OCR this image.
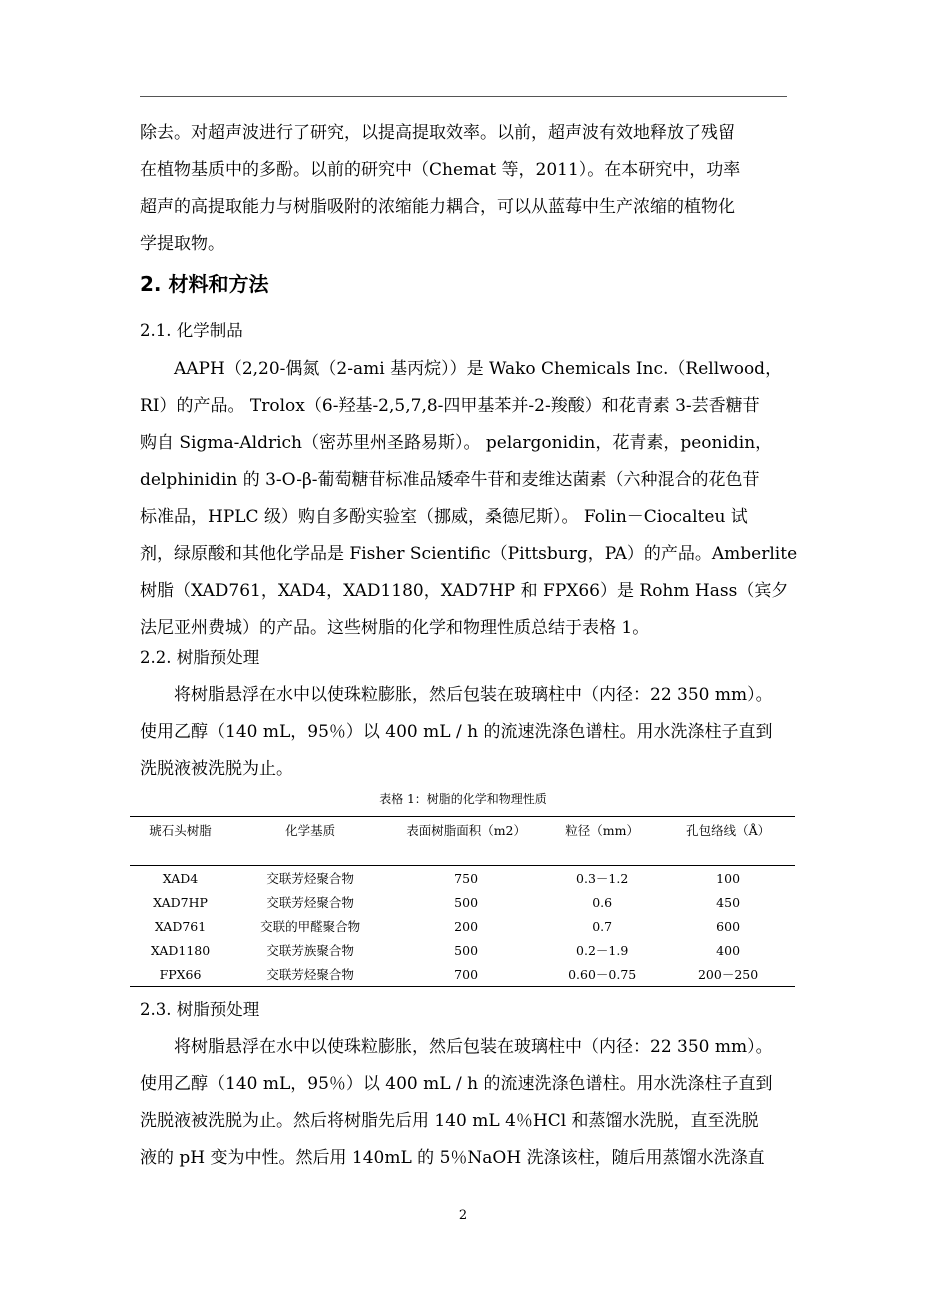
除去。对超声波进行了研究，以提高提取效率。以前，超声波有效地释放了残留
在植物基质中的多酚。以前的研究中（Chemat 等，2011）。在本研究中，功率
超声的高提取能力与树脂吸附的浓缩能力耦合，可以从蓝莓中生产浓缩的植物化
学提取物。
2. 材料和方法
2.1. 化学制品
AAPH（2,20-偶氮（2-ami 基丙烷））是 Wako Chemicals Inc.（Rellwood，
RI）的产品。 Trolox（6-羟基-2,5,7,8-四甲基苯并-2-羧酸）和花青素 3-芸香糖苷
购自 Sigma-Aldrich（密苏里州圣路易斯）。 pelargonidin，花青素，peonidin，
delphinidin 的 3-O-β-葡萄糖苷标准品矮牵牛苷和麦维达菌素（六种混合的花色苷
标准品，HPLC 级）购自多酚实验室（挪威，桑德尼斯）。 Folin－Ciocalteu 试
剂，绿原酸和其他化学品是 Fisher Scientific（Pittsburg，PA）的产品。Amberlite
树脂（XAD761，XAD4，XAD1180，XAD7HP 和 FPX66）是 Rohm Hass（宾夕
法尼亚州费城）的产品。这些树脂的化学和物理性质总结于表格 1。
2.2. 树脂预处理
将树脂悬浮在水中以使珠粒膨胀，然后包装在玻璃柱中（内径：22 350 mm）。
使用乙醇（140 mL，95％）以 400 mL / h 的流速洗涤色谱柱。用水洗涤柱子直到
洗脱液被洗脱为止。
表格 1：树脂的化学和物理性质
琥石头树脂	化学基质	表面树脂面积（m2）	粒径（mm）	孔包络线（Å）
XAD4	交联芳烃聚合物	750	0.3－1.2	100
XAD7HP	交联芳烃聚合物	500	0.6	450
XAD761	交联的甲醛聚合物	200	0.7	600
XAD1180	交联芳族聚合物	500	0.2－1.9	400
FPX66	交联芳烃聚合物	700	0.60－0.75	200－250
2.3. 树脂预处理
将树脂悬浮在水中以使珠粒膨胀，然后包装在玻璃柱中（内径：22 350 mm）。
使用乙醇（140 mL，95％）以 400 mL / h 的流速洗涤色谱柱。用水洗涤柱子直到
洗脱液被洗脱为止。然后将树脂先后用 140 mL 4％HCl 和蒸馏水洗脱，直至洗脱
液的 pH 变为中性。然后用 140mL 的 5％NaOH 洗涤该柱，随后用蒸馏水洗涤直
2
